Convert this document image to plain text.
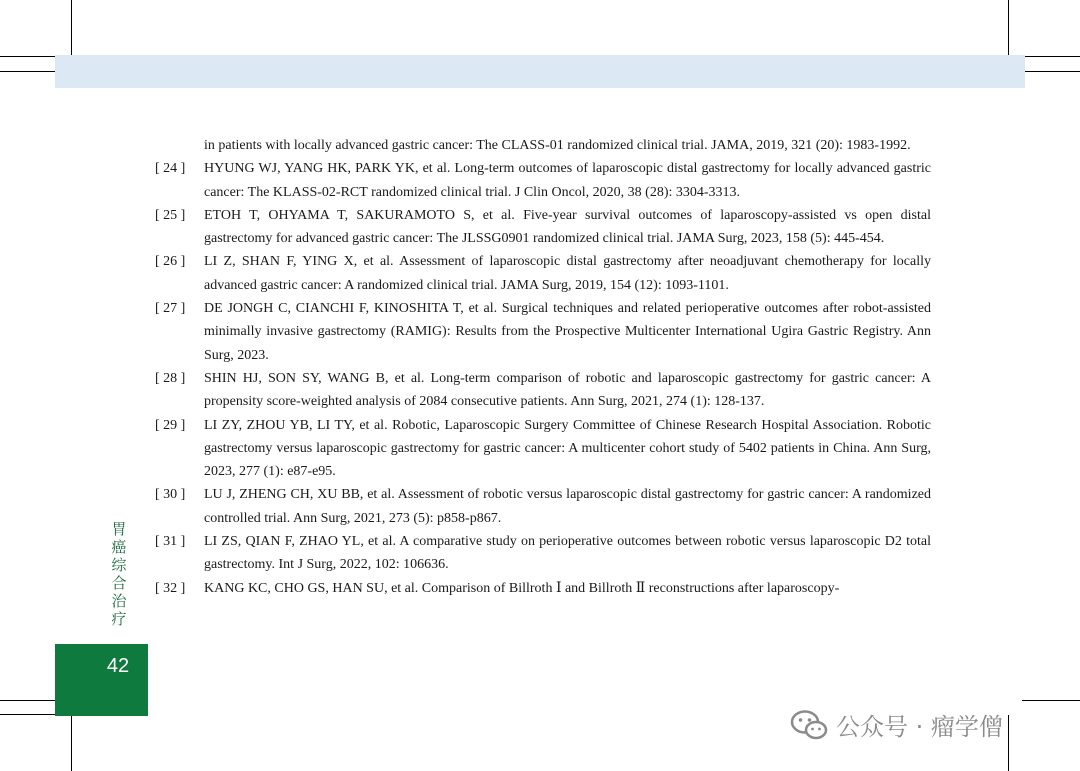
in patients with locally advanced gastric cancer: The CLASS-01 randomized clinical trial. JAMA, 2019, 321 (20): 1983-1992.
[ 24 ]	HYUNG WJ, YANG HK, PARK YK, et al. Long-term outcomes of laparoscopic distal gastrectomy for locally advanced gastric cancer: The KLASS-02-RCT randomized clinical trial. J Clin Oncol, 2020, 38 (28): 3304-3313.
[ 25 ]	ETOH T, OHYAMA T, SAKURAMOTO S, et al. Five-year survival outcomes of laparoscopy-assisted vs open distal gastrectomy for advanced gastric cancer: The JLSSG0901 randomized clinical trial. JAMA Surg, 2023, 158 (5): 445-454.
[ 26 ]	LI Z, SHAN F, YING X, et al. Assessment of laparoscopic distal gastrectomy after neoadjuvant chemotherapy for locally advanced gastric cancer: A randomized clinical trial. JAMA Surg, 2019, 154 (12): 1093-1101.
[ 27 ]	DE JONGH C, CIANCHI F, KINOSHITA T, et al. Surgical techniques and related perioperative outcomes after robot-assisted minimally invasive gastrectomy (RAMIG): Results from the Prospective Multicenter International Ugira Gastric Registry. Ann Surg, 2023.
[ 28 ]	SHIN HJ, SON SY, WANG B, et al. Long-term comparison of robotic and laparoscopic gastrectomy for gastric cancer: A propensity score-weighted analysis of 2084 consecutive patients. Ann Surg, 2021, 274 (1): 128-137.
[ 29 ]	LI ZY, ZHOU YB, LI TY, et al. Robotic, Laparoscopic Surgery Committee of Chinese Research Hospital Association. Robotic gastrectomy versus laparoscopic gastrectomy for gastric cancer: A multicenter cohort study of 5402 patients in China. Ann Surg, 2023, 277 (1): e87-e95.
[ 30 ]	LU J, ZHENG CH, XU BB, et al. Assessment of robotic versus laparoscopic distal gastrectomy for gastric cancer: A randomized controlled trial. Ann Surg, 2021, 273 (5): p858-p867.
[ 31 ]	LI ZS, QIAN F, ZHAO YL, et al. A comparative study on perioperative outcomes between robotic versus laparoscopic D2 total gastrectomy. Int J Surg, 2022, 102: 106636.
[ 32 ]	KANG KC, CHO GS, HAN SU, et al. Comparison of Billroth Ⅰ and Billroth Ⅱ reconstructions after laparoscopy-
胃癌综合治疗
42
公众号 · 瘤学僧
